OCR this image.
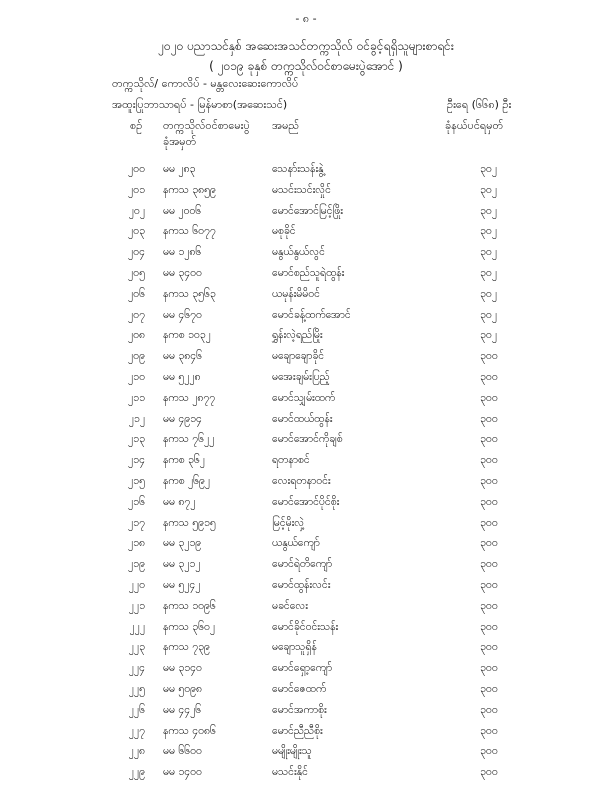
- ၈ -
၂၀၂၀ ပညာသင်နှစ် အဆေးအသင်တက္ကသိုလ် ဝင်ခွင့်ရရှိသူများစာရင်း
( ၂၀၁၉ ခုနှစ် တက္ကသိုလ်ဝင်စာမေးပွဲအောင် )
တက္ကသိုလ်/ ကောလိပ် - မန္တလေးဆေးကောလိပ်
အထူးပြုဘာသာရပ် - မြန်မာစာ(အဆေးသင်)	ဦးရေ (၆၆၈) ဦး
စဉ် တက္ကသိုလ်ဝင်စာမေးပွဲ
ခုံအမှတ်
အမည်	ခုံနယ်ပင်ရမှတ်
၂၀၀ မမ ၂၈၃	သေနာ်းသန်းနွဲ့	၃၀၂
၂၀၁ နကသ ၃၈၅၉	မသင်းသင်းလှိုင်	၃၀၂
၂၀၂ မမ ၂၀၀၆	မောင်အောင်မြင့်ဖြိုး	၃၀၂
၂၀၃ နကသ ၆၀၇၇	မစုခိုင်	၃၀၂
၂၀၄ မမ ၁၂၈၆	မနွယ်နွယ်လွင်	၃၀၂
၂၀၅ မမ ၃၄၀၀	မောင်စည်သူရဲထွန်း	၃၀၂
၂၀၆ နကသ ၃၅၆၃	ယမုန်းမိမိဝင်	၃၀၂
၂၀၇ မမ ၄၆၇၀	မောင်ခန့်ထက်အောင်	၃၀၂
၂၀၈ နကစ ၁၀၃၂	ရွှန်းလဲ့ရည်မြိုး	၃၀၂
၂၀၉ မမ ၃၈၄၆	မချောချောခိုင်	၃၀၀
၂၁၀ မမ ၅၂၂၈	မအေးချမ်းပြည့်	၃၀၀
၂၁၁ နကသ ၂၈၇၇	မောင်သျှမ်းထက်	၃၀၀
၂၁၂ မမ ၄၉၁၄	မောင်ထယ်ထွန်း	၃၀၀
၂၁၃ နကသ ၇၆၂၂	မောင်အောင်ကိုချစ်	၃၀၀
၂၁၄ နကစ ၃၆၂	ရတနာစင်	၃၀၀
၂၁၅ နကစ ၂၆၉၂	လေးရတနာဝင်း	၃၀၀
၂၁၆ မမ ၈၇၂	မောင်အောင်ပိုင်စိုး	၃၀၀
၂၁၇ နကသ ၅၉၁၅	မြင့်မိုးလှဲ့	၃၀၀
၂၁၈ မမ ၃၂၁၉	ယနွယ်ကျော်	၃၀၀
၂၁၉ မမ ၃၂၁၂	မောင်ရဲတိကျော်	၃၀၀
၂၂၀ မမ ၅၂၄၂	မောင်ထွန်းလင်း	၃၀၀
၂၂၁ နကသ ၁၀၉၆	မခင်လေး	၃၀၀
၂၂၂ နကသ ၃၆၀၂	မောင်ခိုင်ဝင်းသန်း	၃၀၀
၂၂၃ နကသ ၇၃၉	မချောသူရှိန်	၃၀၀
၂၂၄ မမ ၃၁၄၀	မောင်ရှော့ကျော်	၃၀၀
၂၂၅ မမ ၅၀၉၈	မောင်ဇေထက်	၃၀၀
၂၂၆ မမ ၄၄၂၆	မောင်အကာစိုး	၃၀၀
၂၂၇ နကသ ၄၀၈၆	မောင်ညီညီစိုး	၃၀၀
၂၂၈ မမ ၆၆၀၀	မမျိုးမျိုးသူ	၃၀၀
၂၂၉ မမ ၁၄၀၀	မသင်းနိုင်	၃၀၀
